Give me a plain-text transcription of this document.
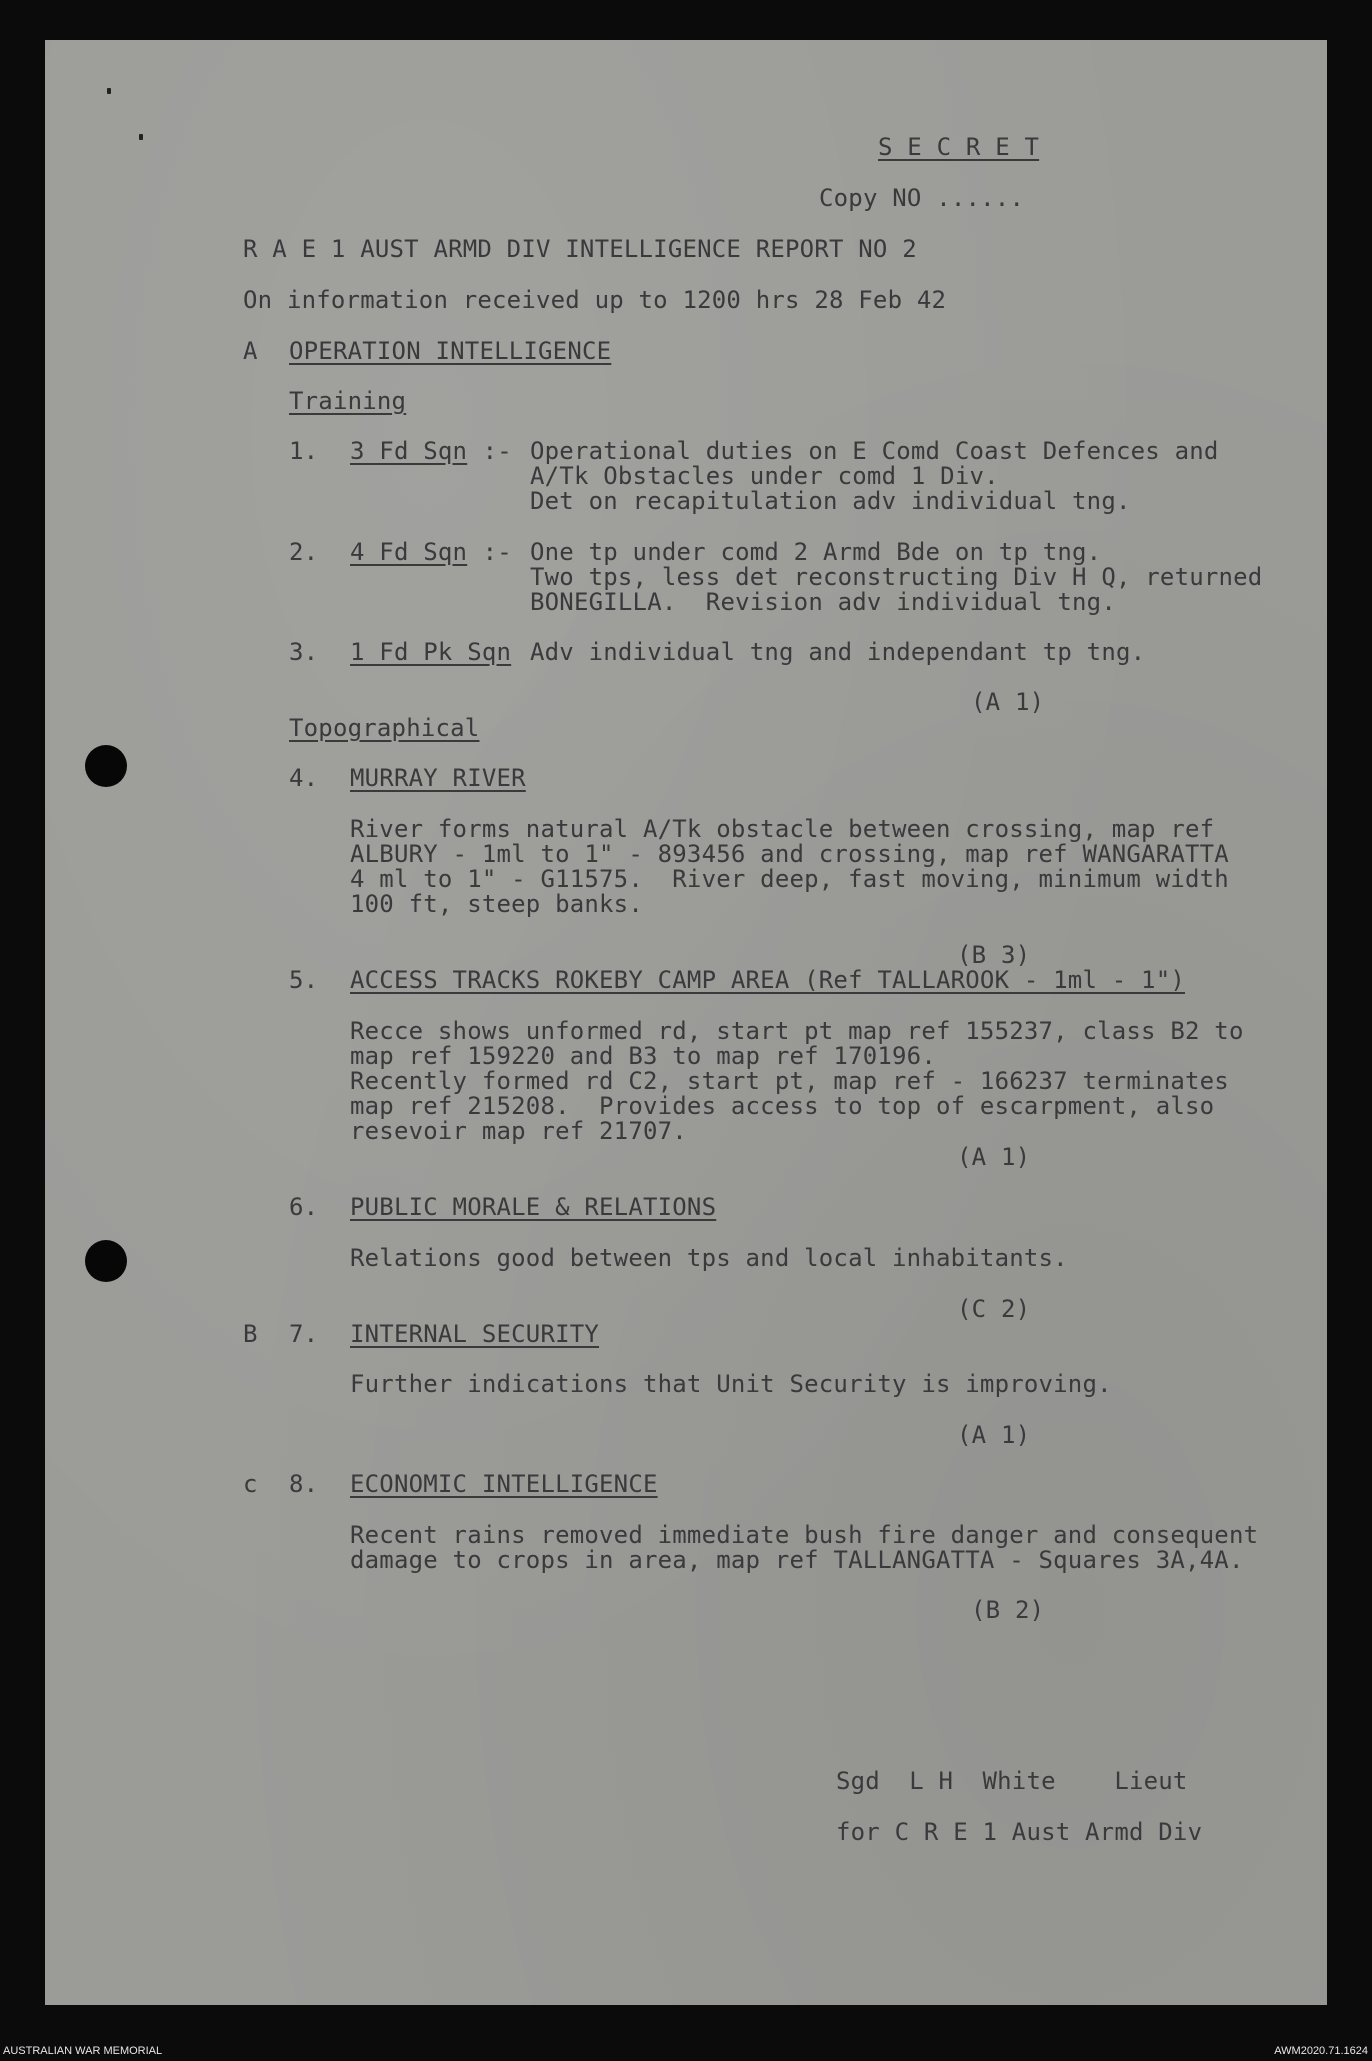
S E C R E T
Copy NO ......
R A E 1 AUST ARMD DIV INTELLIGENCE REPORT NO 2
On information received up to 1200 hrs 28 Feb 42
A OPERATION INTELLIGENCE
Training
1. 3 Fd Sqn :- Operational duties on E Comd Coast Defences and
A/Tk Obstacles under comd 1 Div.
Det on recapitulation adv individual tng.
2. 4 Fd Sqn :- One tp under comd 2 Armd Bde on tp tng.
Two tps, less det reconstructing Div H Q, returned
BONEGILLA.  Revision adv individual tng.
3. 1 Fd Pk Sqn Adv individual tng and independant tp tng.
(A 1)
Topographical
4. MURRAY RIVER
River forms natural A/Tk obstacle between crossing, map ref
ALBURY - 1ml to 1" - 893456 and crossing, map ref WANGARATTA
4 ml to 1" - G11575.  River deep, fast moving, minimum width
100 ft, steep banks.
(B 3)
5. ACCESS TRACKS ROKEBY CAMP AREA (Ref TALLAROOK - 1ml - 1")
Recce shows unformed rd, start pt map ref 155237, class B2 to
map ref 159220 and B3 to map ref 170196.
Recently formed rd C2, start pt, map ref - 166237 terminates
map ref 215208.  Provides access to top of escarpment, also
resevoir map ref 21707.
(A 1)
6. PUBLIC MORALE & RELATIONS
Relations good between tps and local inhabitants.
(C 2)
B 7. INTERNAL SECURITY
Further indications that Unit Security is improving.
(A 1)
c 8. ECONOMIC INTELLIGENCE
Recent rains removed immediate bush fire danger and consequent
damage to crops in area, map ref TALLANGATTA - Squares 3A,4A.
(B 2)
Sgd  L H  White    Lieut
for C R E 1 Aust Armd Div
AUSTRALIAN WAR MEMORIAL	AWM2020.71.1624
